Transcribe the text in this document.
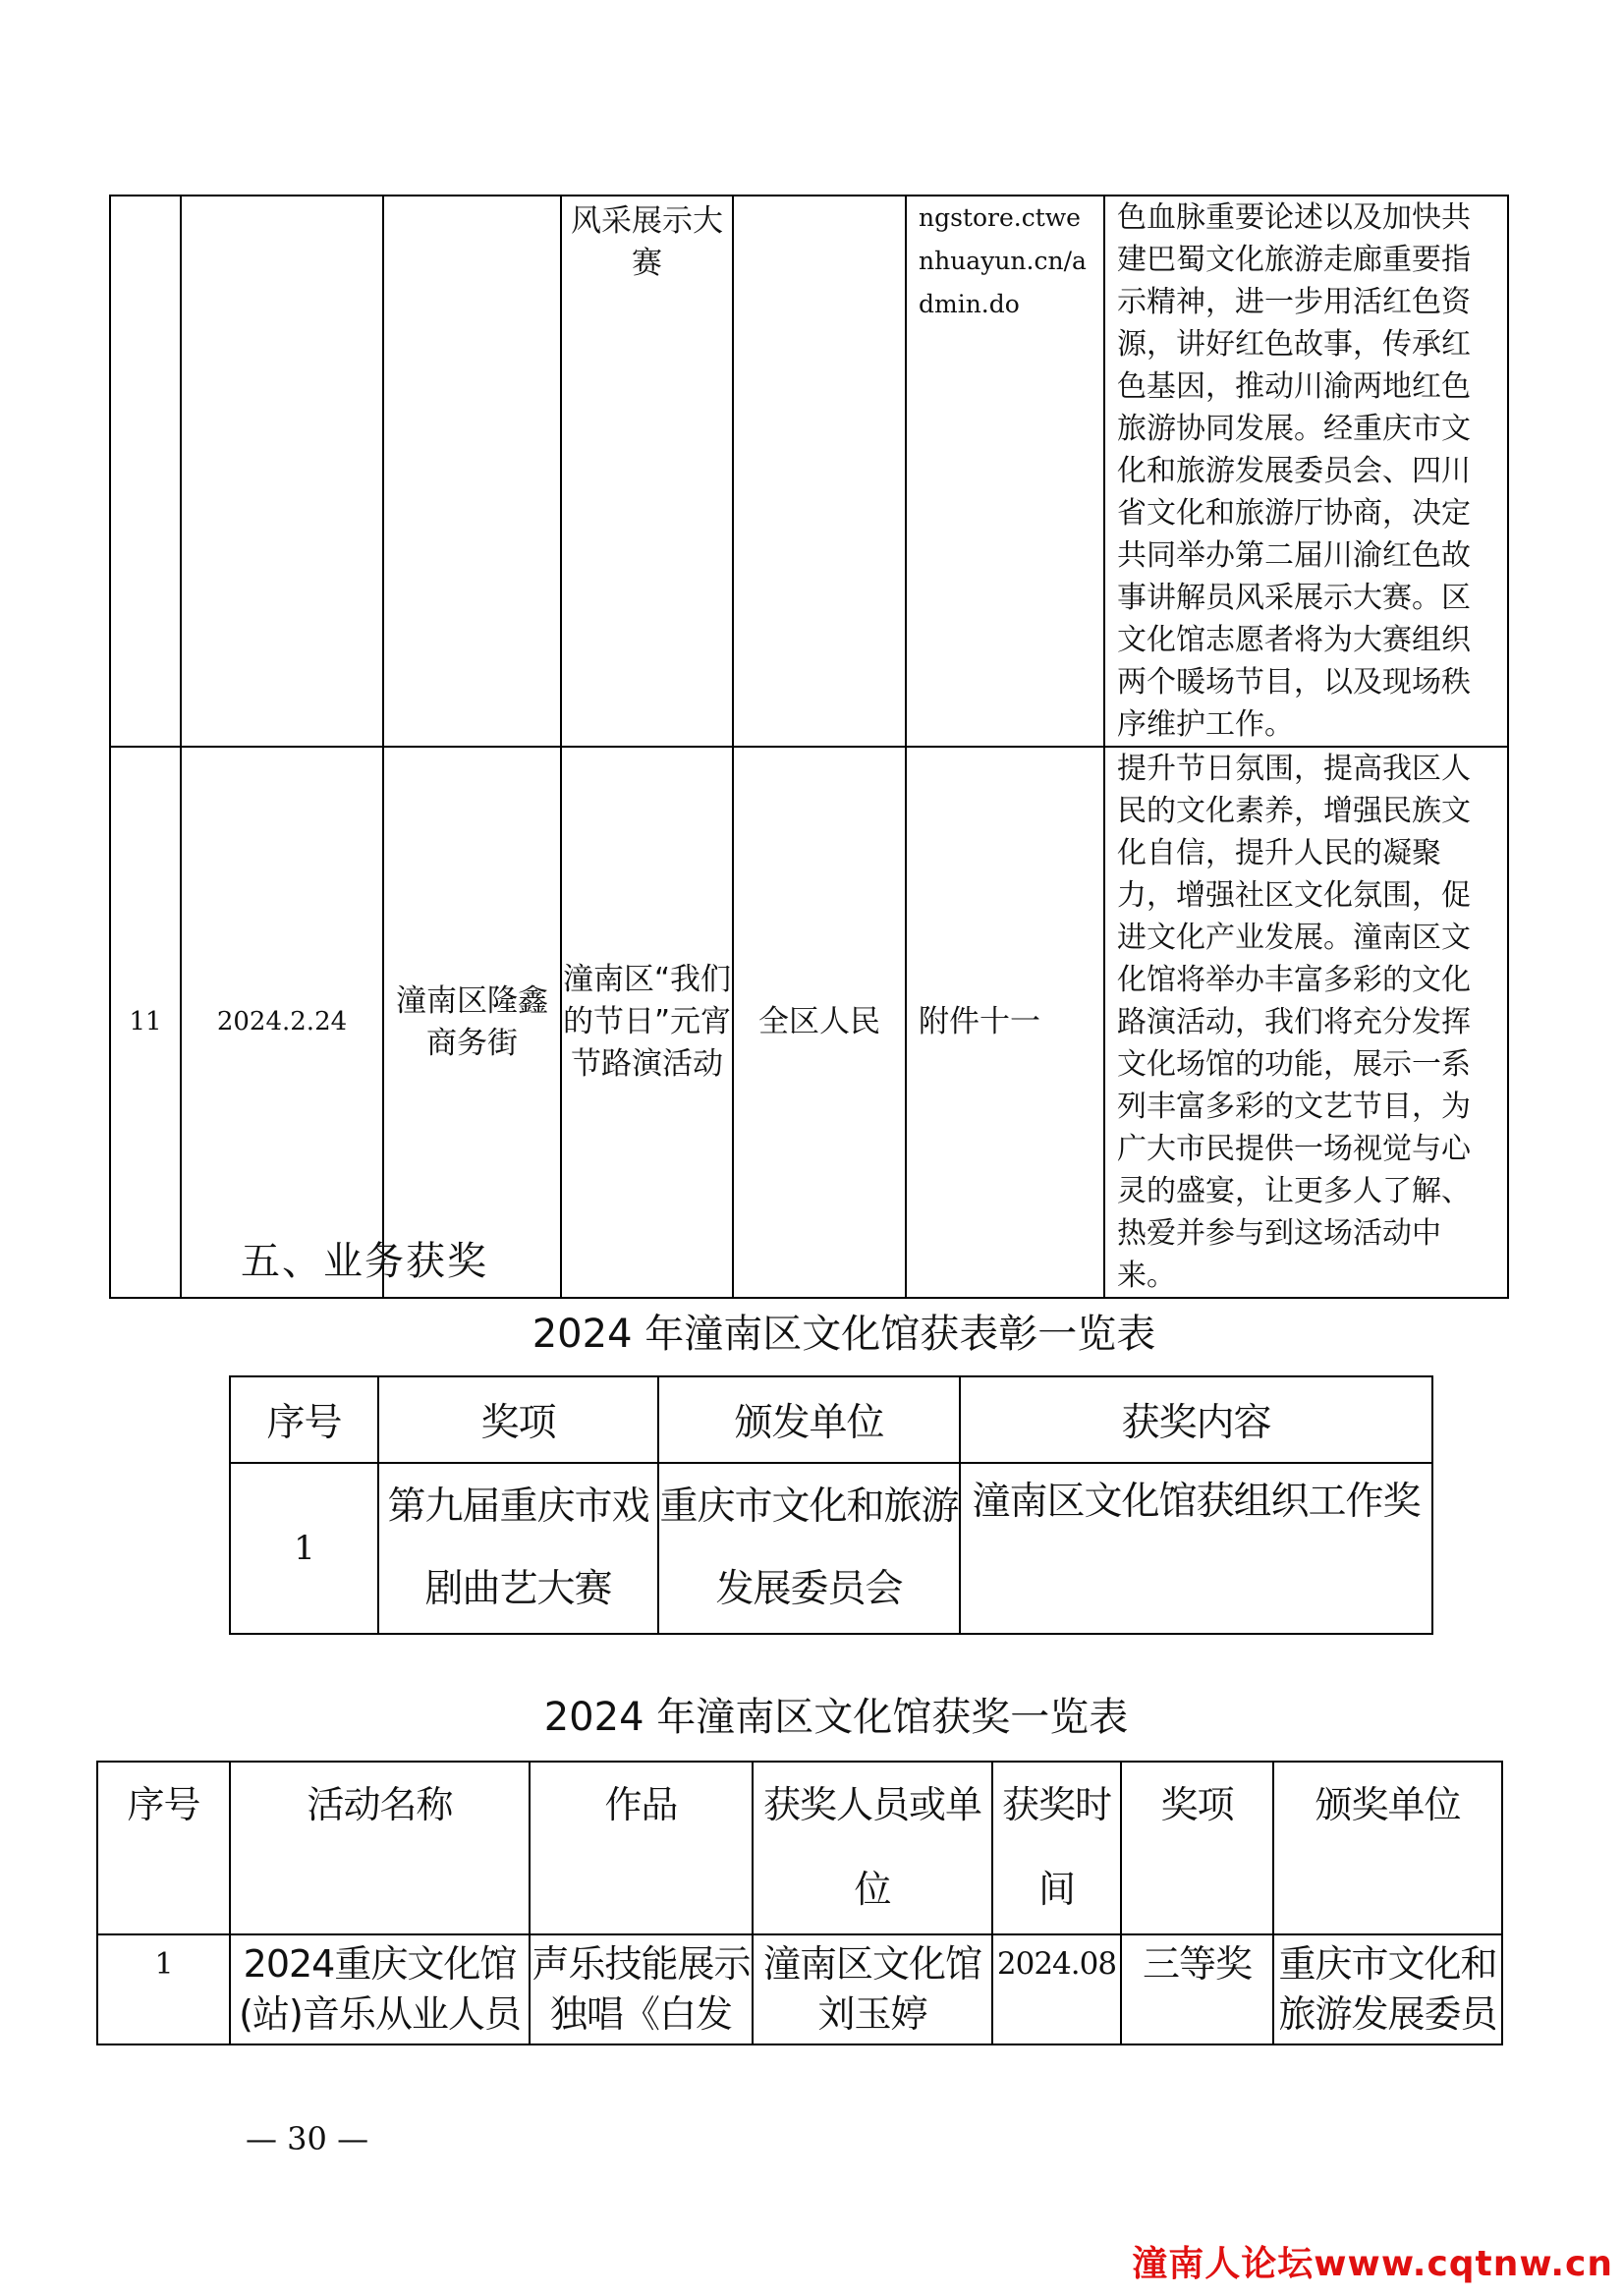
			风采展示大赛		ngstore.ctwenhuayun.cn/admin.do	色血脉重要论述以及加快共建巴蜀文化旅游走廊重要指示精神，进一步用活红色资源，讲好红色故事，传承红色基因，推动川渝两地红色旅游协同发展。经重庆市文化和旅游发展委员会、四川省文化和旅游厅协商，决定共同举办第二届川渝红色故事讲解员风采展示大赛。区文化馆志愿者将为大赛组织两个暖场节目，以及现场秩序维护工作。
11	2024.2.24	潼南区隆鑫商务街	潼南区“我们的节日”元宵节路演活动	全区人民	附件十一	提升节日氛围，提高我区人民的文化素养，增强民族文化自信，提升人民的凝聚力，增强社区文化氛围，促进文化产业发展。潼南区文化馆将举办丰富多彩的文化路演活动，我们将充分发挥文化场馆的功能，展示一系列丰富多彩的文艺节目，为广大市民提供一场视觉与心灵的盛宴，让更多人了解、热爱并参与到这场活动中来。
五、业务获奖
2024 年潼南区文化馆获表彰一览表
序号	奖项	颁发单位	获奖内容
1	第九届重庆市戏剧曲艺大赛	重庆市文化和旅游发展委员会	潼南区文化馆获组织工作奖
2024 年潼南区文化馆获奖一览表
序号	活动名称	作品	获奖人员或单位	获奖时间	奖项	颁奖单位
1	2024重庆文化馆(站)音乐从业人员	声乐技能展示独唱《白发	潼南区文化馆刘玉婷	2024.08	三等奖	重庆市文化和旅游发展委员
— 30 —
潼南人论坛www.cqtnw.cn
